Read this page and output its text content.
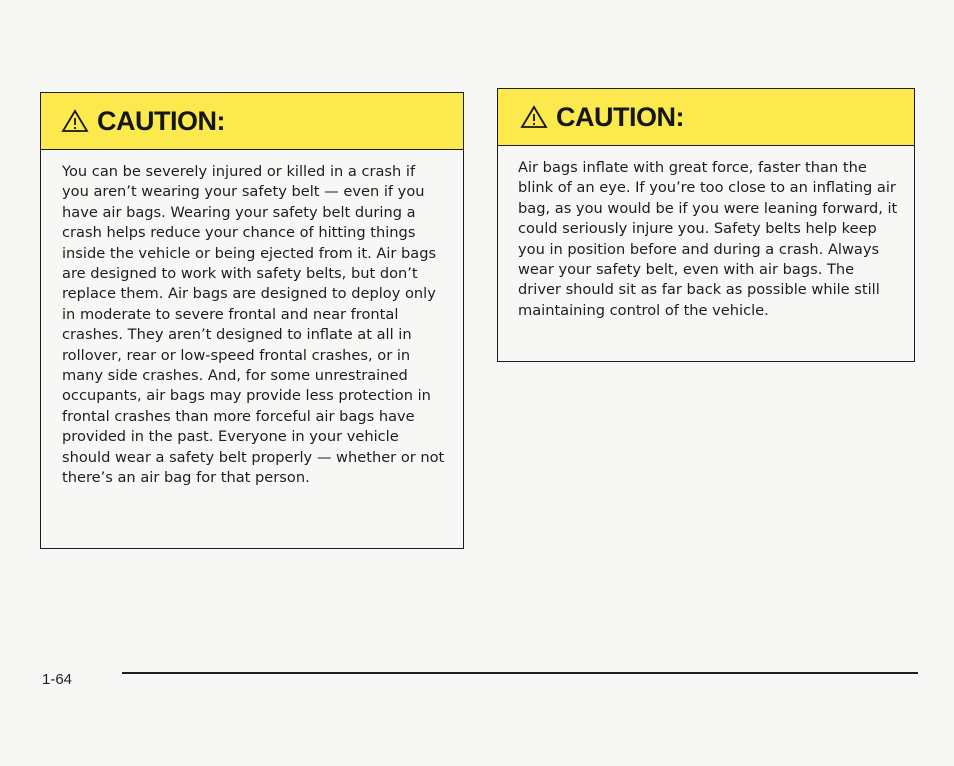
CAUTION:

You can be severely injured or killed in a crash if you aren’t wearing your safety belt — even if you have air bags. Wearing your safety belt during a crash helps reduce your chance of hitting things inside the vehicle or being ejected from it. Air bags are designed to work with safety belts, but don’t replace them. Air bags are designed to deploy only in moderate to severe frontal and near frontal crashes. They aren’t designed to inflate at all in rollover, rear or low-speed frontal crashes, or in many side crashes. And, for some unrestrained occupants, air bags may provide less protection in frontal crashes than more forceful air bags have provided in the past. Everyone in your vehicle should wear a safety belt properly — whether or not there’s an air bag for that person.

CAUTION:

Air bags inflate with great force, faster than the blink of an eye. If you’re too close to an inflating air bag, as you would be if you were leaning forward, it could seriously injure you. Safety belts help keep you in position before and during a crash. Always wear your safety belt, even with air bags. The driver should sit as far back as possible while still maintaining control of the vehicle.

1-64
